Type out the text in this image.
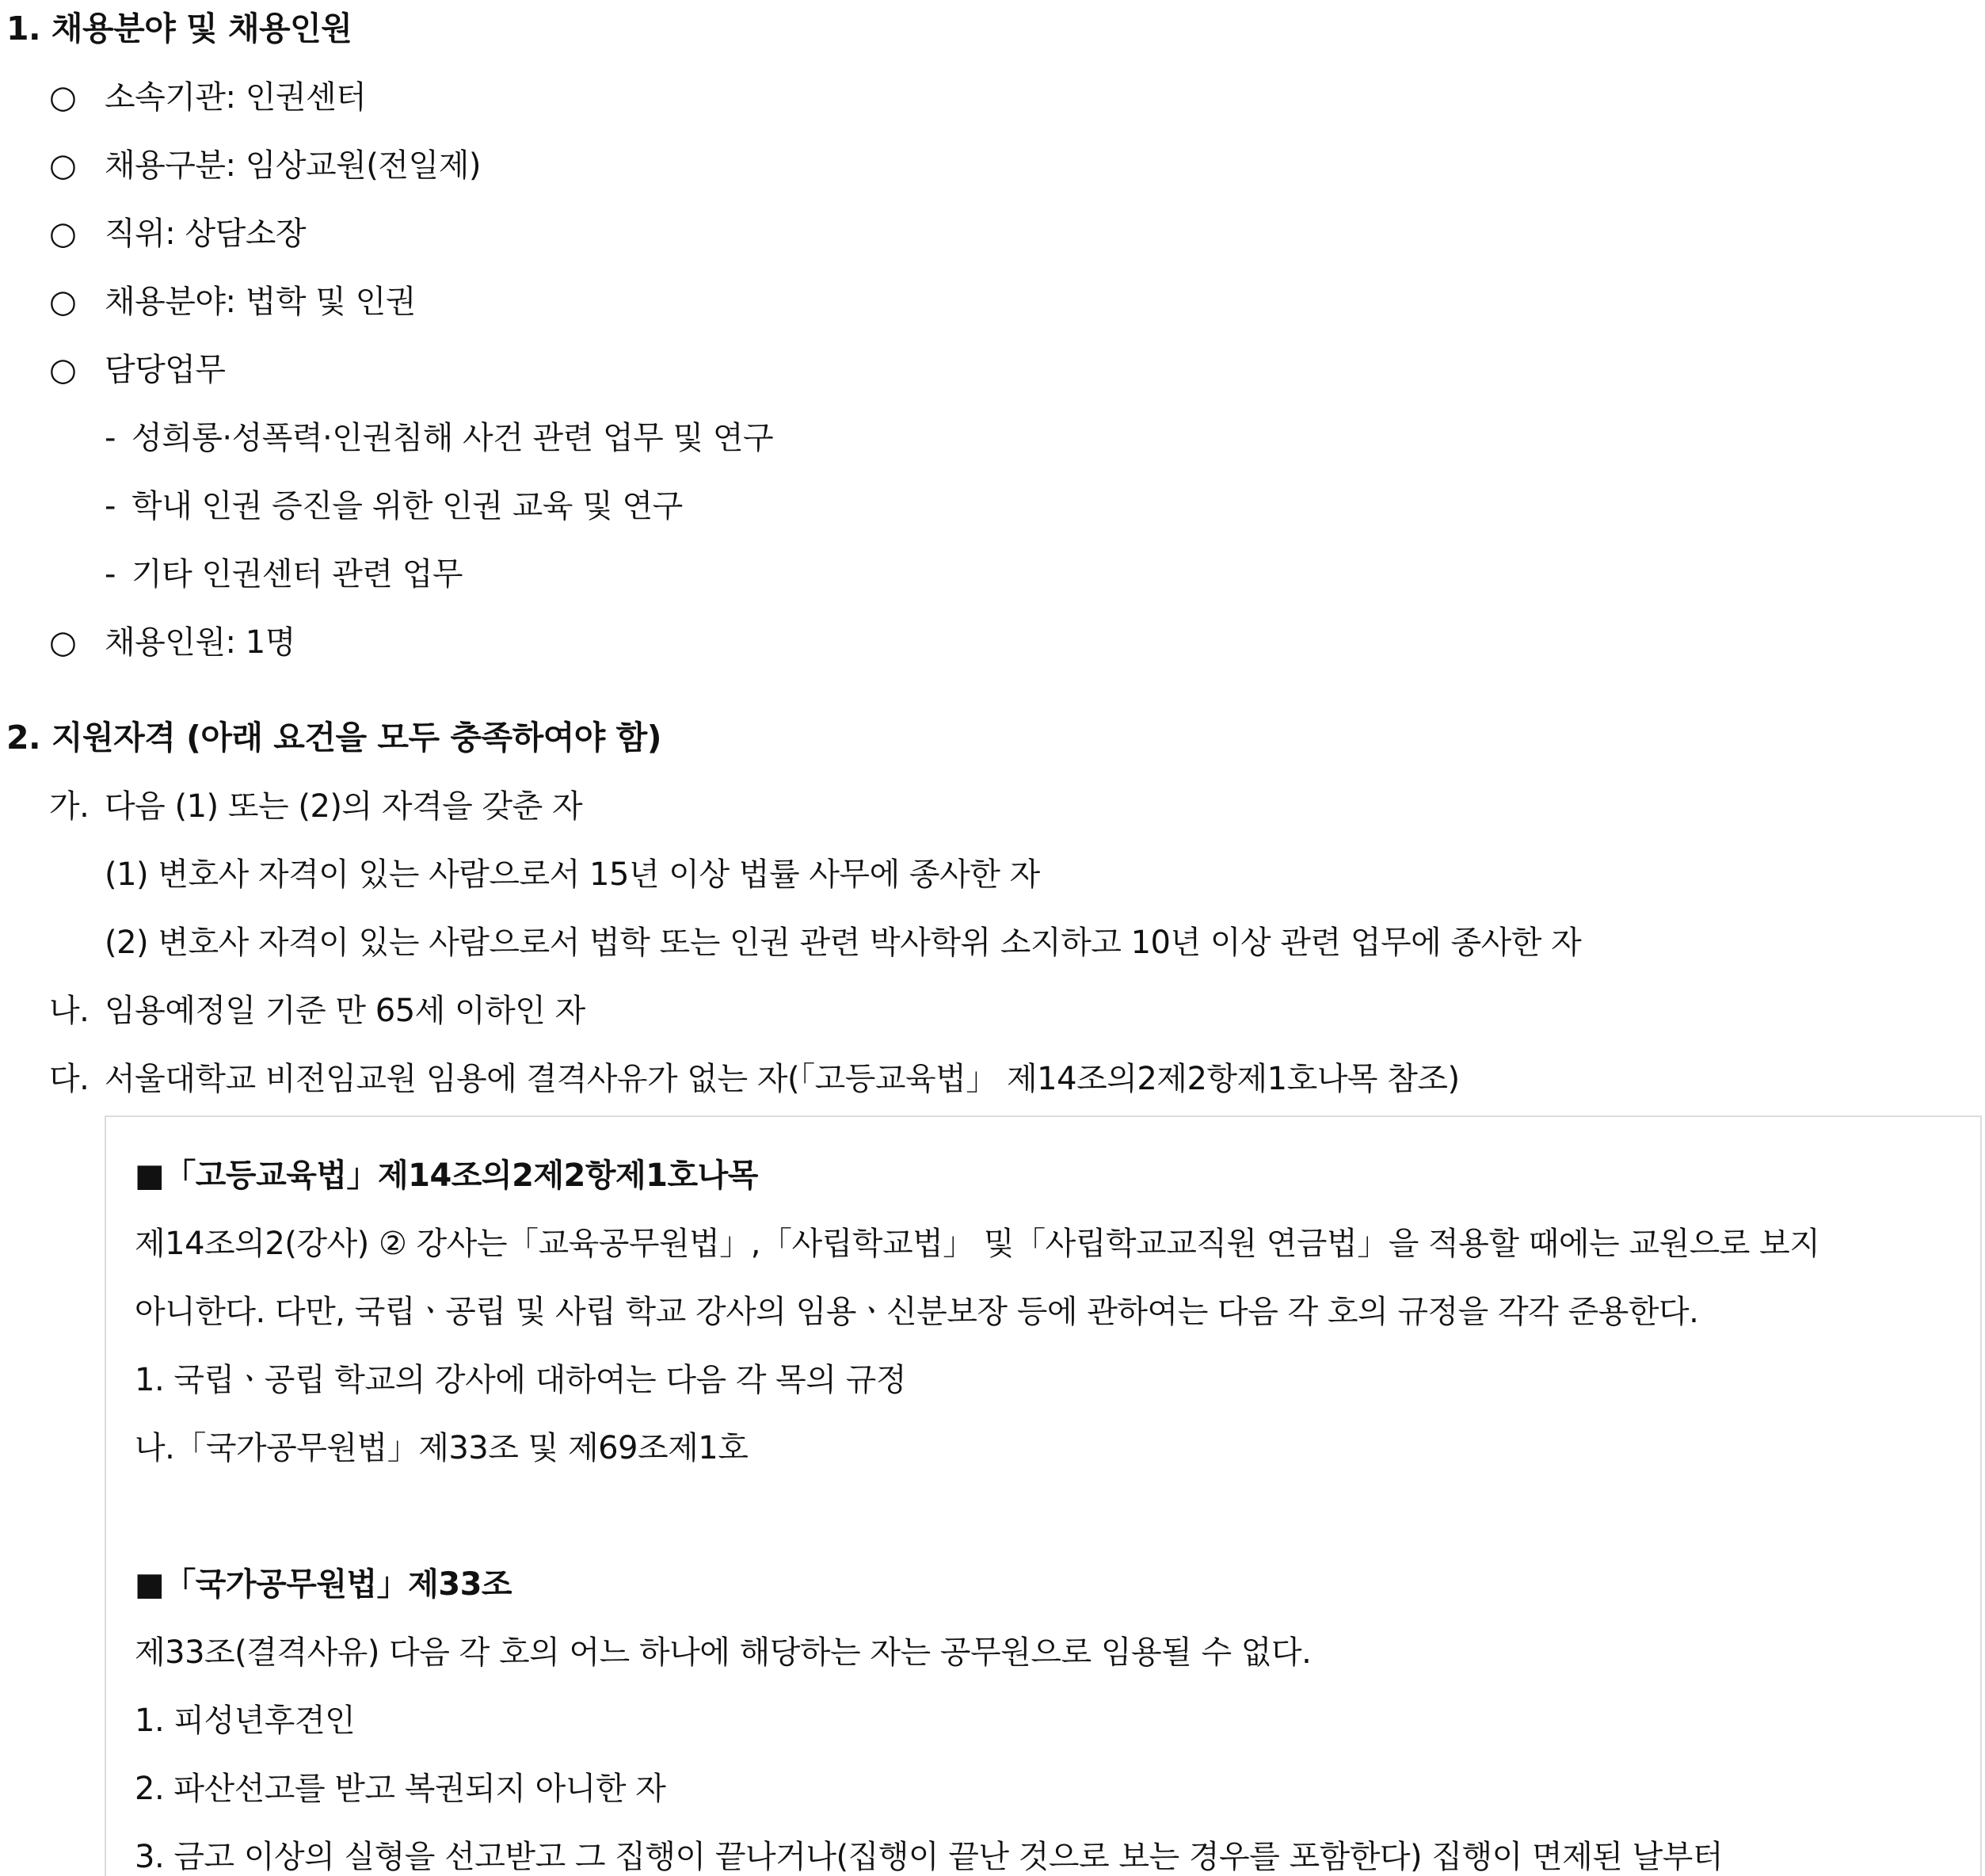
1. 채용분야 및 채용인원
○ 소속기관: 인권센터
○ 채용구분: 임상교원(전일제)
○ 직위: 상담소장
○ 채용분야: 법학 및 인권
○ 담당업무
- 성희롱·성폭력·인권침해 사건 관련 업무 및 연구
- 학내 인권 증진을 위한 인권 교육 및 연구
- 기타 인권센터 관련 업무
○ 채용인원: 1명
2. 지원자격 (아래 요건을 모두 충족하여야 함)
가. 다음 (1) 또는 (2)의 자격을 갖춘 자
(1) 변호사 자격이 있는 사람으로서 15년 이상 법률 사무에 종사한 자
(2) 변호사 자격이 있는 사람으로서 법학 또는 인권 관련 박사학위 소지하고 10년 이상 관련 업무에 종사한 자
나. 임용예정일 기준 만 65세 이하인 자
다. 서울대학교 비전임교원 임용에 결격사유가 없는 자(「고등교육법」 제14조의2제2항제1호나목 참조)
■「고등교육법」제14조의2제2항제1호나목
제14조의2(강사) ② 강사는「교육공무원법」,「사립학교법」 및「사립학교교직원 연금법」을 적용할 때에는 교원으로 보지
아니한다. 다만, 국립ㆍ공립 및 사립 학교 강사의 임용ㆍ신분보장 등에 관하여는 다음 각 호의 규정을 각각 준용한다.
1. 국립ㆍ공립 학교의 강사에 대하여는 다음 각 목의 규정
나.「국가공무원법」제33조 및 제69조제1호
■「국가공무원법」제33조
제33조(결격사유) 다음 각 호의 어느 하나에 해당하는 자는 공무원으로 임용될 수 없다.
1. 피성년후견인
2. 파산선고를 받고 복권되지 아니한 자
3. 금고 이상의 실형을 선고받고 그 집행이 끝나거나(집행이 끝난 것으로 보는 경우를 포함한다) 집행이 면제된 날부터
